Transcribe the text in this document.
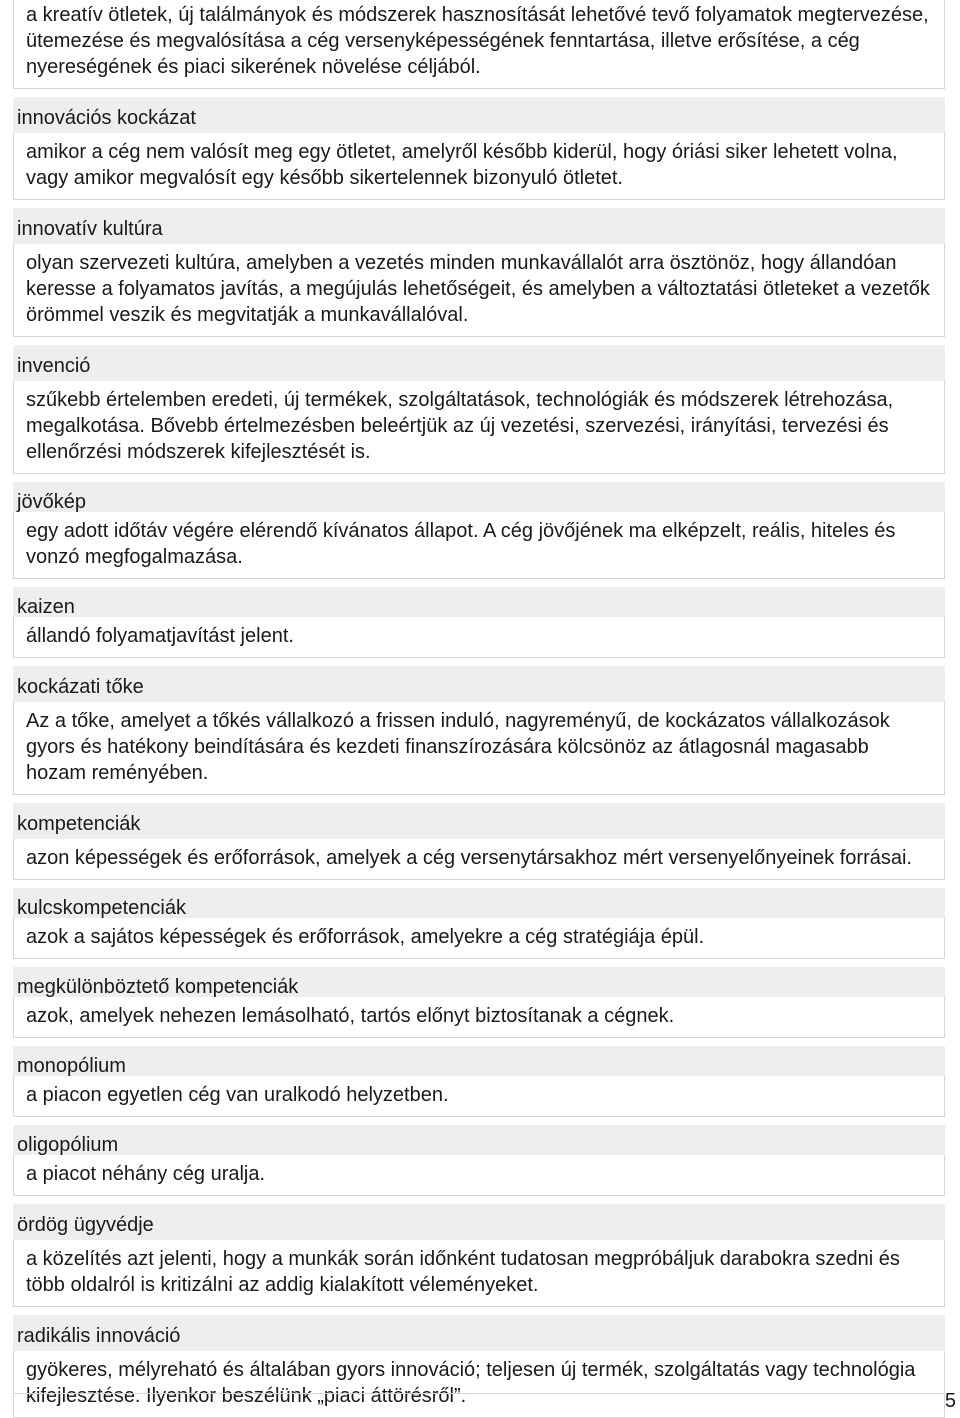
a kreatív ötletek, új találmányok és módszerek hasznosítását lehetővé tevő folyamatok megtervezése, ütemezése és megvalósítása a cég versenyképességének fenntartása, illetve erősítése, a cég nyereségének és piaci sikerének növelése céljából.
innovációs kockázat
amikor a cég nem valósít meg egy ötletet, amelyről később kiderül, hogy óriási siker lehetett volna, vagy amikor megvalósít egy később sikertelennek bizonyuló ötletet.
innovatív kultúra
olyan szervezeti kultúra, amelyben a vezetés minden munkavállalót arra ösztönöz, hogy állandóan keresse a folyamatos javítás, a megújulás lehetőségeit, és amelyben a változtatási ötleteket a vezetők örömmel veszik és megvitatják a munkavállalóval.
invenció
szűkebb értelemben eredeti, új termékek, szolgáltatások, technológiák és módszerek létrehozása, megalkotása. Bővebb értelmezésben beleértjük az új vezetési, szervezési, irányítási, tervezési és ellenőrzési módszerek kifejlesztését is.
jövőkép
egy adott időtáv végére elérendő kívánatos állapot. A cég jövőjének ma elképzelt, reális, hiteles és vonzó megfogalmazása.
kaizen
állandó folyamatjavítást jelent.
kockázati tőke
Az a tőke, amelyet a tőkés vállalkozó a frissen induló, nagyreményű, de kockázatos vállalkozások gyors és hatékony beindítására és kezdeti finanszírozására kölcsönöz az átlagosnál magasabb hozam reményében.
kompetenciák
azon képességek és erőforrások, amelyek a cég versenytársakhoz mért versenyelőnyeinek forrásai.
kulcskompetenciák
azok a sajátos képességek és erőforrások, amelyekre a cég stratégiája épül.
megkülönböztető kompetenciák
azok, amelyek nehezen lemásolható, tartós előnyt biztosítanak a cégnek.
monopólium
a piacon egyetlen cég van uralkodó helyzetben.
oligopólium
a piacot néhány cég uralja.
ördög ügyvédje
a közelítés azt jelenti, hogy a munkák során időnként tudatosan megpróbáljuk darabokra szedni és több oldalról is kritizálni az addig kialakított véleményeket.
radikális innováció
gyökeres, mélyreható és általában gyors innováció; teljesen új termék, szolgáltatás vagy technológia kifejlesztése. Ilyenkor beszélünk „piaci áttörésről”.	5
